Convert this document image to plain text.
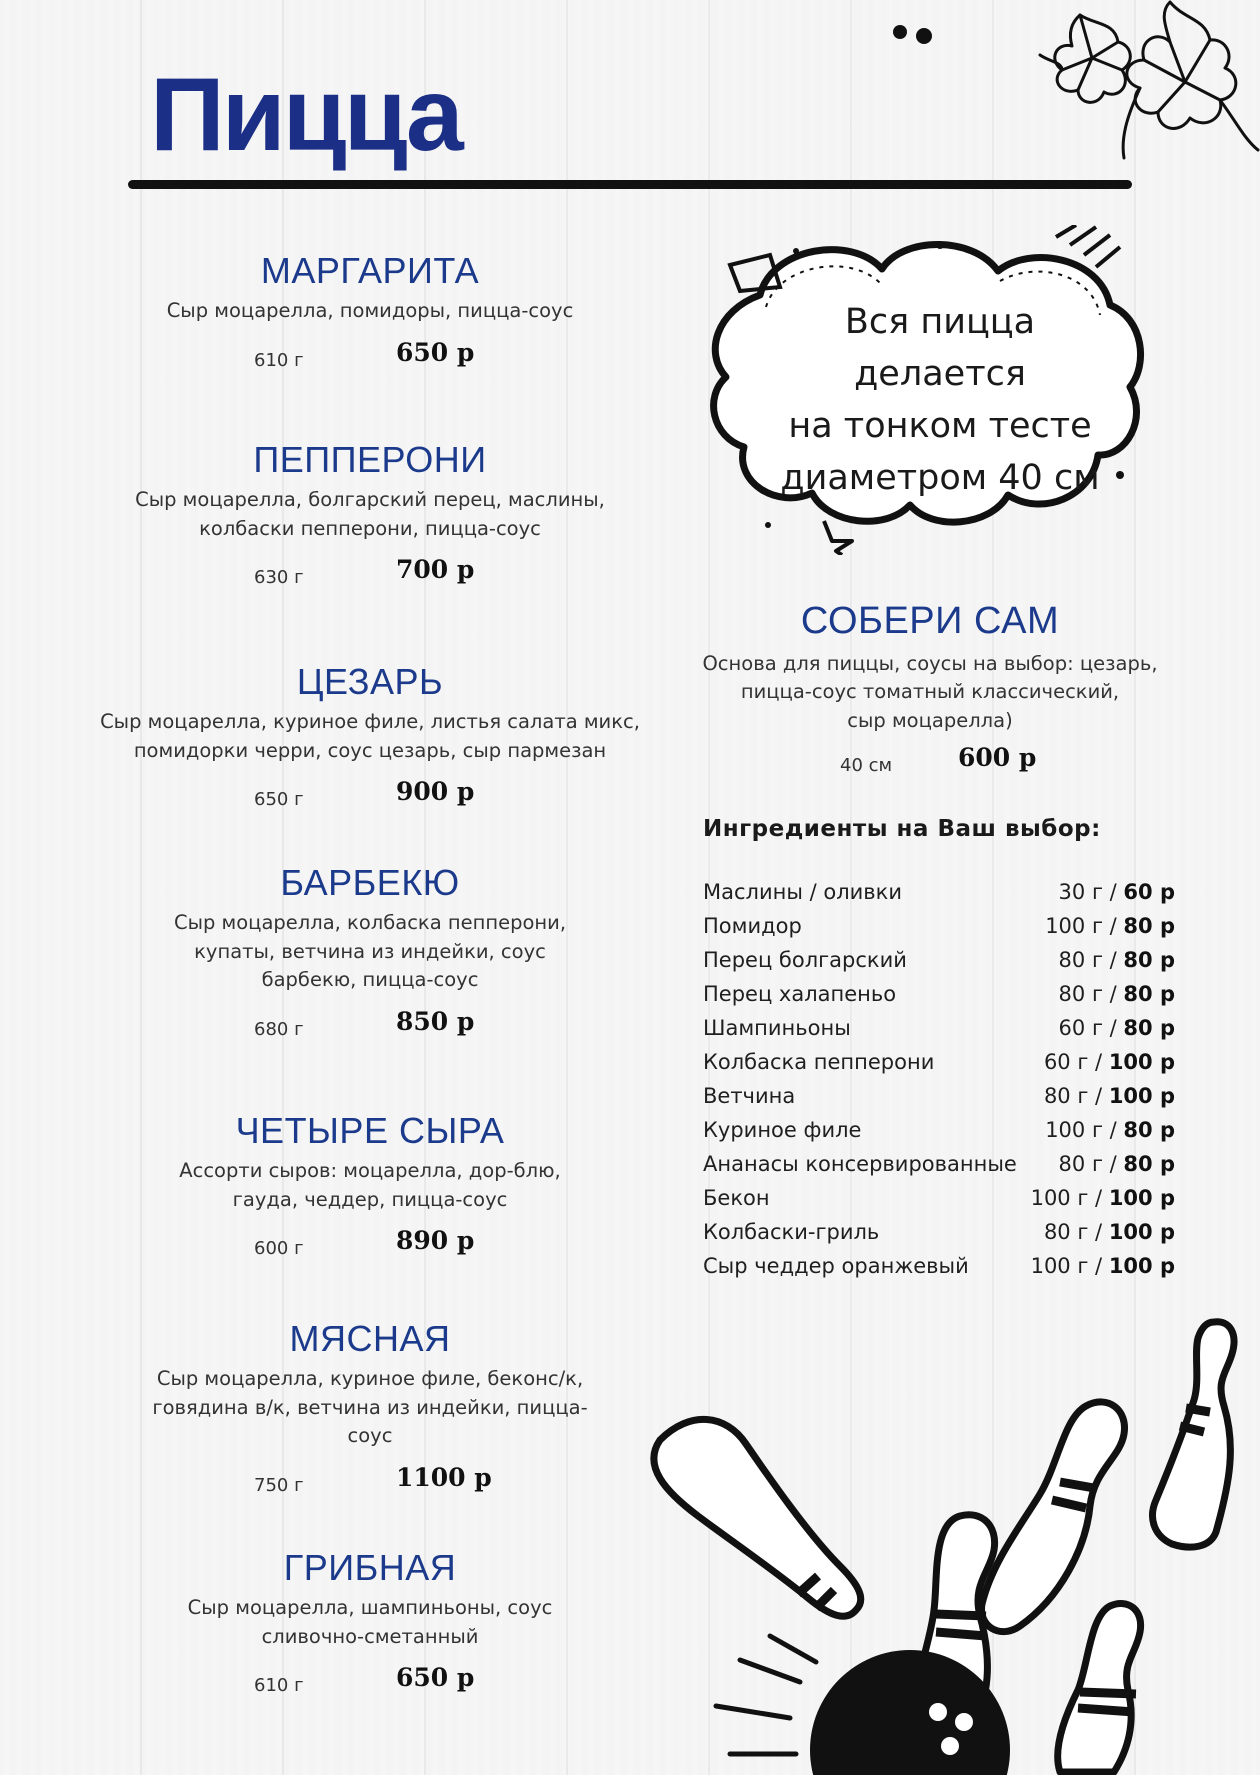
Пицца
МАРГАРИТА

Сыр моцарелла, помидоры, пицца-соус

610 г	650 р
ПЕППЕРОНИ

Сыр моцарелла, болгарский перец, маслины,
колбаски пепперони, пицца-соус

630 г	700 р
ЦЕЗАРЬ

Сыр моцарелла, куриное филе, листья салата микс,
помидорки черри, соус цезарь, сыр пармезан

650 г	900 р
БАРБЕКЮ

Сыр моцарелла, колбаска пепперони,
купаты, ветчина из индейки, соус
барбекю, пицца-соус

680 г	850 р
ЧЕТЫРЕ СЫРА

Ассорти сыров: моцарелла, дор-блю,
гауда, чеддер, пицца-соус

600 г	890 р
МЯСНАЯ

Сыр моцарелла, куриное филе, беконс/к,
говядина в/к, ветчина из индейки, пицца-
соус

750 г	1100 р
ГРИБНАЯ

Сыр моцарелла, шампиньоны, соус
сливочно-сметанный

610 г	650 р
Вся пицца делается
на тонком тесте
диаметром 40 см
СОБЕРИ САМ

Основа для пиццы, соусы на выбор: цезарь,
пицца-соус томатный классический,
сыр моцарелла)

40 см	600 р
Ингредиенты на Ваш выбор:
Маслины / оливки	30 г / 60 р
Помидор	100 г / 80 р
Перец болгарский	80 г / 80 р
Перец халапеньо	80 г / 80 р
Шампиньоны	60 г / 80 р
Колбаска пепперони	60 г / 100 р
Ветчина	80 г / 100 р
Куриное филе	100 г / 80 р
Ананасы консервированные 80 г / 80 р
Бекон	100 г / 100 р
Колбаски-гриль	80 г / 100 р
Сыр чеддер оранжевый	100 г / 100 р
